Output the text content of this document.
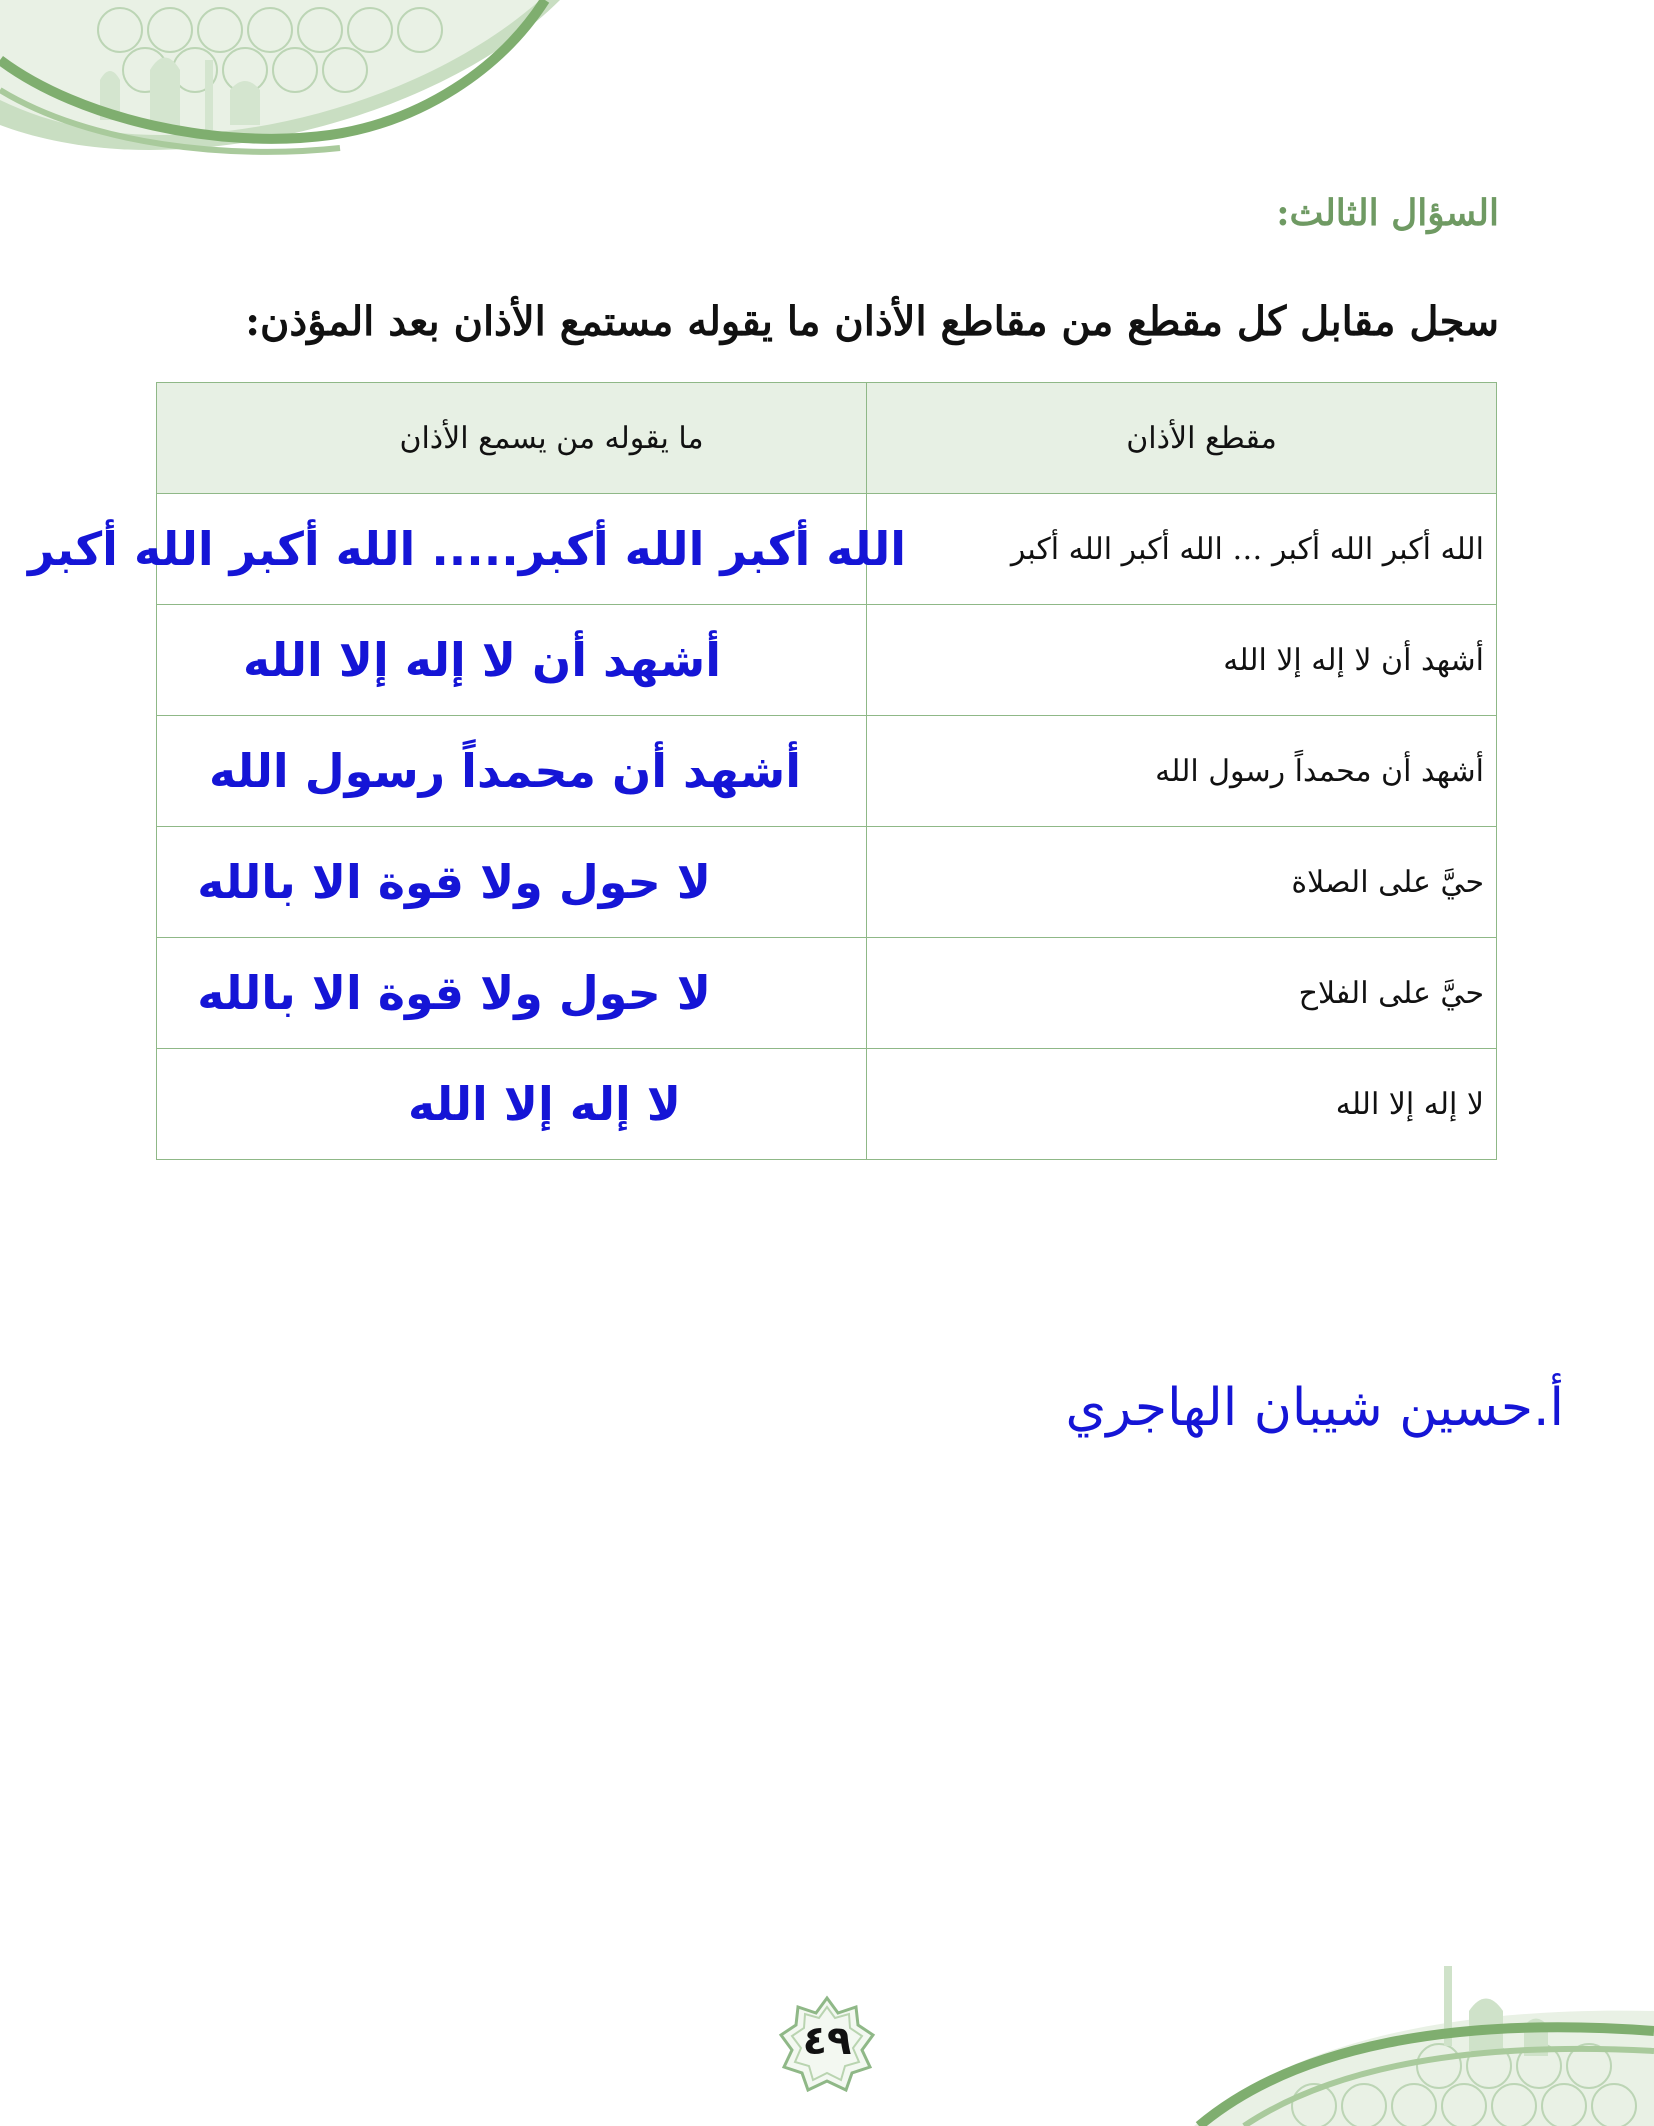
السؤال الثالث:
سجل مقابل كل مقطع من مقاطع الأذان ما يقوله مستمع الأذان بعد المؤذن:
مقطع الأذان	ما يقوله من يسمع الأذان

الله أكبر الله أكبر … الله أكبر الله أكبر	الله أكبر الله أكبر..... الله أكبر الله أكبر

أشهد أن لا إله إلا الله	أشهد أن لا إله إلا الله

أشهد أن محمداً رسول الله	أشهد أن محمداً رسول الله

حيَّ على الصلاة	لا حول ولا قوة الا بالله

حيَّ على الفلاح	لا حول ولا قوة الا بالله

لا إله إلا الله	لا إله إلا الله
أ.حسين شيبان الهاجري
٤٩
